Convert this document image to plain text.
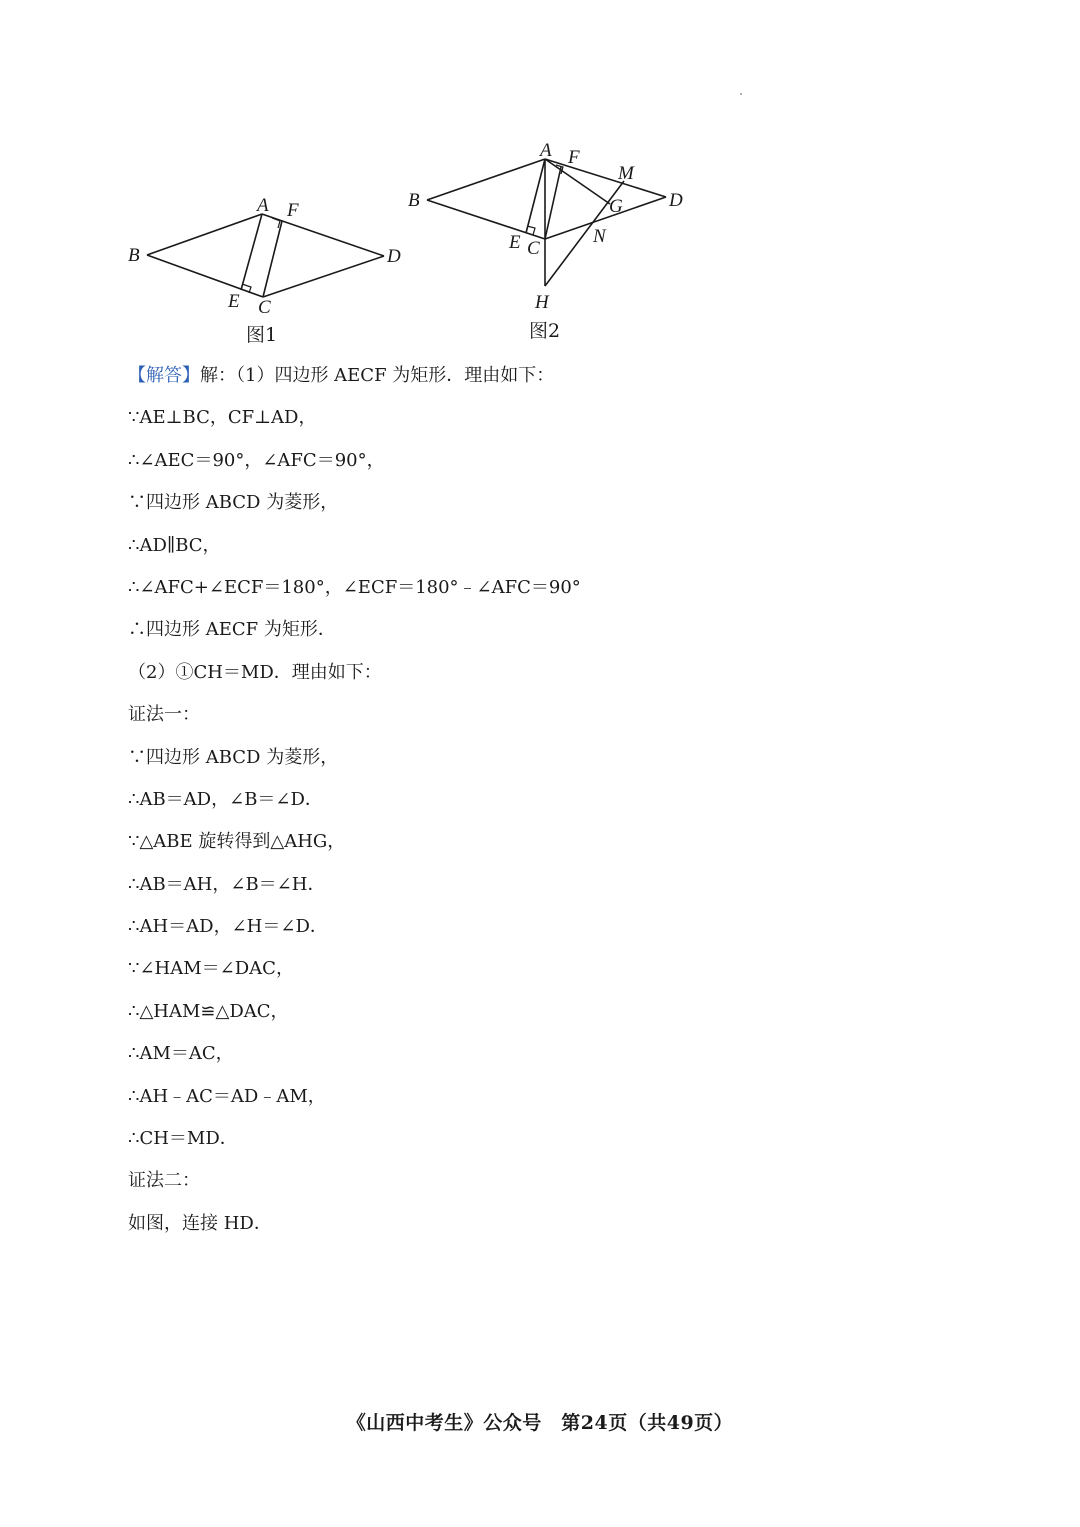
A F
B	D
E C
图1
A F
M
B	G D
E C
N
H
图2
【解答】解：（1）四边形 AECF 为矩形．理由如下：
∵AE⊥BC，CF⊥AD，
∴∠AEC＝90°，∠AFC＝90°，
∵四边形 ABCD 为菱形，
∴AD∥BC，
∴∠AFC+∠ECF＝180°，∠ECF＝180°﹣∠AFC＝90°
∴四边形 AECF 为矩形．
（2）①CH＝MD．理由如下：
证法一：
∵四边形 ABCD 为菱形，
∴AB＝AD，∠B＝∠D．
∵△ABE 旋转得到△AHG，
∴AB＝AH，∠B＝∠H．
∴AH＝AD，∠H＝∠D．
∵∠HAM＝∠DAC，
∴△HAM≌△DAC，
∴AM＝AC，
∴AH﹣AC＝AD﹣AM，
∴CH＝MD．
证法二：
如图，连接 HD．
《山西中考生》公众号　第24页（共49页）
